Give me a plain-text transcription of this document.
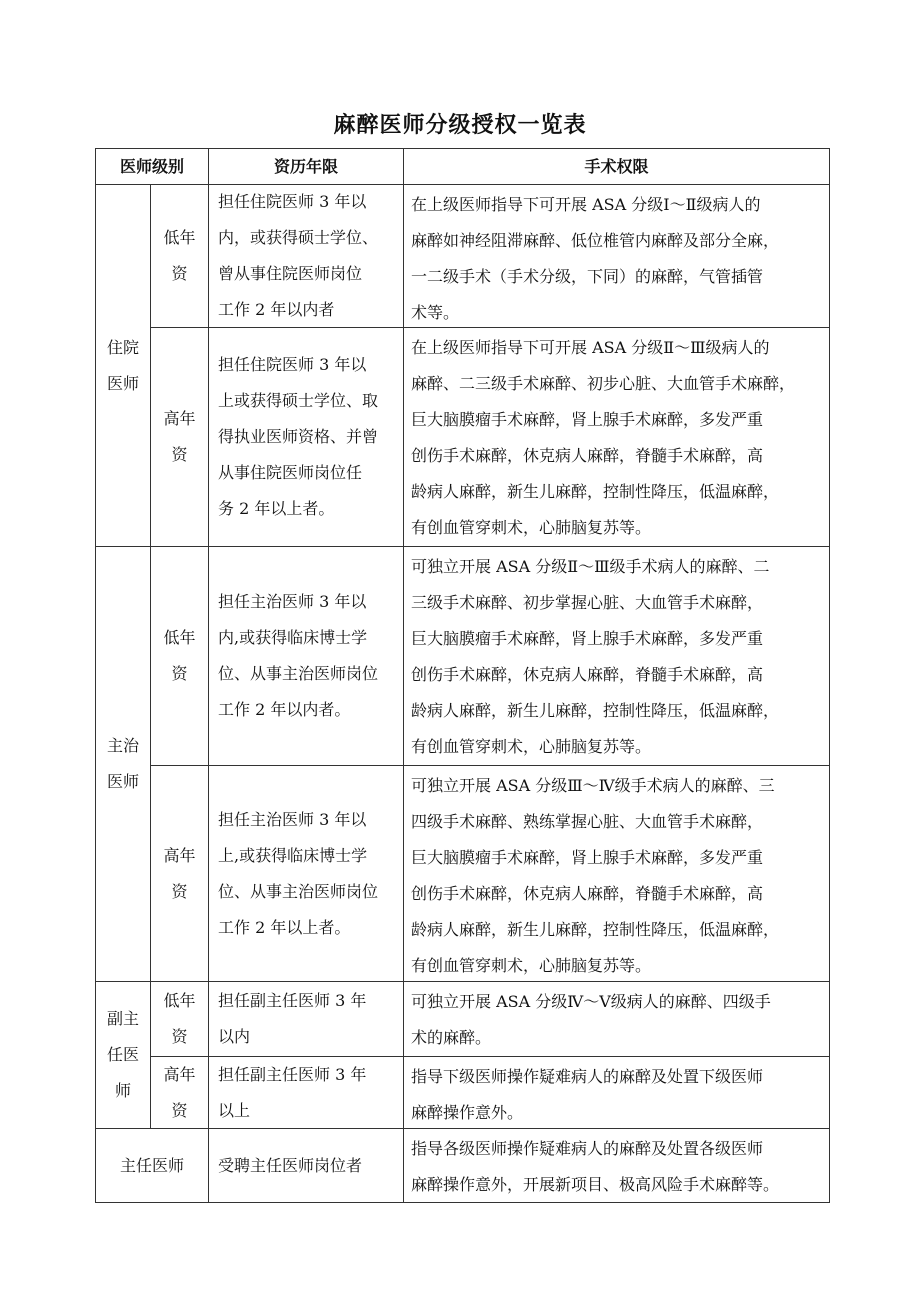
麻醉医师分级授权一览表
医师级别	资历年限	手术权限
住院
医师
主治
医师
副主
任医
师
主任医师
低年
资
担任住院医师 3 年以
内，或获得硕士学位、
曾从事住院医师岗位
工作 2 年以内者
在上级医师指导下可开展 ASA 分级Ⅰ～Ⅱ级病人的
麻醉如神经阻滞麻醉、低位椎管内麻醉及部分全麻，
一二级手术（手术分级，下同）的麻醉，气管插管
术等。
高年
资
担任住院医师 3 年以
上或获得硕士学位、取
得执业医师资格、并曾
从事住院医师岗位任
务 2 年以上者。
在上级医师指导下可开展 ASA 分级Ⅱ～Ⅲ级病人的
麻醉、二三级手术麻醉、初步心脏、大血管手术麻醉，
巨大脑膜瘤手术麻醉，肾上腺手术麻醉，多发严重
创伤手术麻醉，休克病人麻醉，脊髓手术麻醉，高
龄病人麻醉，新生儿麻醉，控制性降压，低温麻醉，
有创血管穿刺术，心肺脑复苏等。
低年
资
担任主治医师 3 年以
内,或获得临床博士学
位、从事主治医师岗位
工作 2 年以内者。
可独立开展 ASA 分级Ⅱ～Ⅲ级手术病人的麻醉、二
三级手术麻醉、初步掌握心脏、大血管手术麻醉，
巨大脑膜瘤手术麻醉，肾上腺手术麻醉，多发严重
创伤手术麻醉，休克病人麻醉，脊髓手术麻醉，高
龄病人麻醉，新生儿麻醉，控制性降压，低温麻醉，
有创血管穿刺术，心肺脑复苏等。
高年
资
担任主治医师 3 年以
上,或获得临床博士学
位、从事主治医师岗位
工作 2 年以上者。
可独立开展 ASA 分级Ⅲ～Ⅳ级手术病人的麻醉、三
四级手术麻醉、熟练掌握心脏、大血管手术麻醉，
巨大脑膜瘤手术麻醉，肾上腺手术麻醉，多发严重
创伤手术麻醉，休克病人麻醉，脊髓手术麻醉，高
龄病人麻醉，新生儿麻醉，控制性降压，低温麻醉，
有创血管穿刺术，心肺脑复苏等。
低年
资
担任副主任医师 3 年
以内
可独立开展 ASA 分级Ⅳ～Ⅴ级病人的麻醉、四级手
术的麻醉。
高年
资
担任副主任医师 3 年
以上
指导下级医师操作疑难病人的麻醉及处置下级医师
麻醉操作意外。
受聘主任医师岗位者
指导各级医师操作疑难病人的麻醉及处置各级医师
麻醉操作意外，开展新项目、极高风险手术麻醉等。
